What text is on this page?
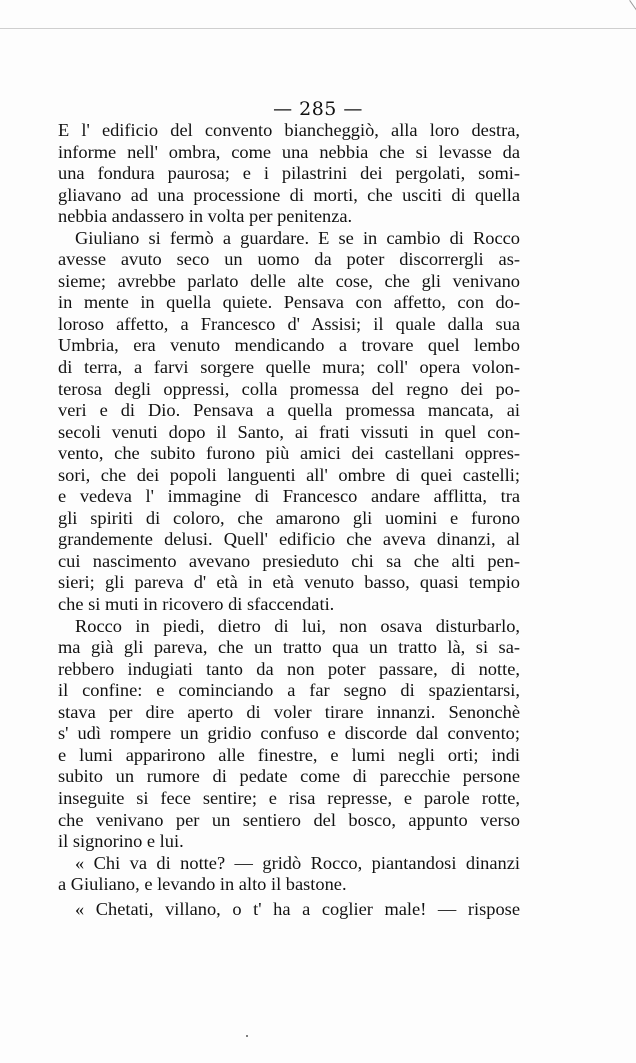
— 285 —
E l' edificio del convento biancheggiò, alla loro destra,
informe nell' ombra, come una nebbia che si levasse da
una fondura paurosa; e i pilastrini dei pergolati, somi-
gliavano ad una processione di morti, che usciti di quella
nebbia andassero in volta per penitenza.
Giuliano si fermò a guardare. E se in cambio di Rocco
avesse avuto seco un uomo da poter discorrergli as-
sieme; avrebbe parlato delle alte cose, che gli venivano
in mente in quella quiete. Pensava con affetto, con do-
loroso affetto, a Francesco d' Assisi; il quale dalla sua
Umbria, era venuto mendicando a trovare quel lembo
di terra, a farvi sorgere quelle mura; coll' opera volon-
terosa degli oppressi, colla promessa del regno dei po-
veri e di Dio. Pensava a quella promessa mancata, ai
secoli venuti dopo il Santo, ai frati vissuti in quel con-
vento, che subito furono più amici dei castellani oppres-
sori, che dei popoli languenti all' ombre di quei castelli;
e vedeva l' immagine di Francesco andare afflitta, tra
gli spiriti di coloro, che amarono gli uomini e furono
grandemente delusi. Quell' edificio che aveva dinanzi, al
cui nascimento avevano presieduto chi sa che alti pen-
sieri; gli pareva d' età in età venuto basso, quasi tempio
che si muti in ricovero di sfaccendati.
Rocco in piedi, dietro di lui, non osava disturbarlo,
ma già gli pareva, che un tratto qua un tratto là, si sa-
rebbero indugiati tanto da non poter passare, di notte,
il confine: e cominciando a far segno di spazientarsi,
stava per dire aperto di voler tirare innanzi. Senonchè
s' udì rompere un gridio confuso e discorde dal convento;
e lumi apparirono alle finestre, e lumi negli orti; indi
subito un rumore di pedate come di parecchie persone
inseguite si fece sentire; e risa represse, e parole rotte,
che venivano per un sentiero del bosco, appunto verso
il signorino e lui.
« Chi va di notte? — gridò Rocco, piantandosi dinanzi
a Giuliano, e levando in alto il bastone.
« Chetati, villano, o t' ha a coglier male! — rispose
